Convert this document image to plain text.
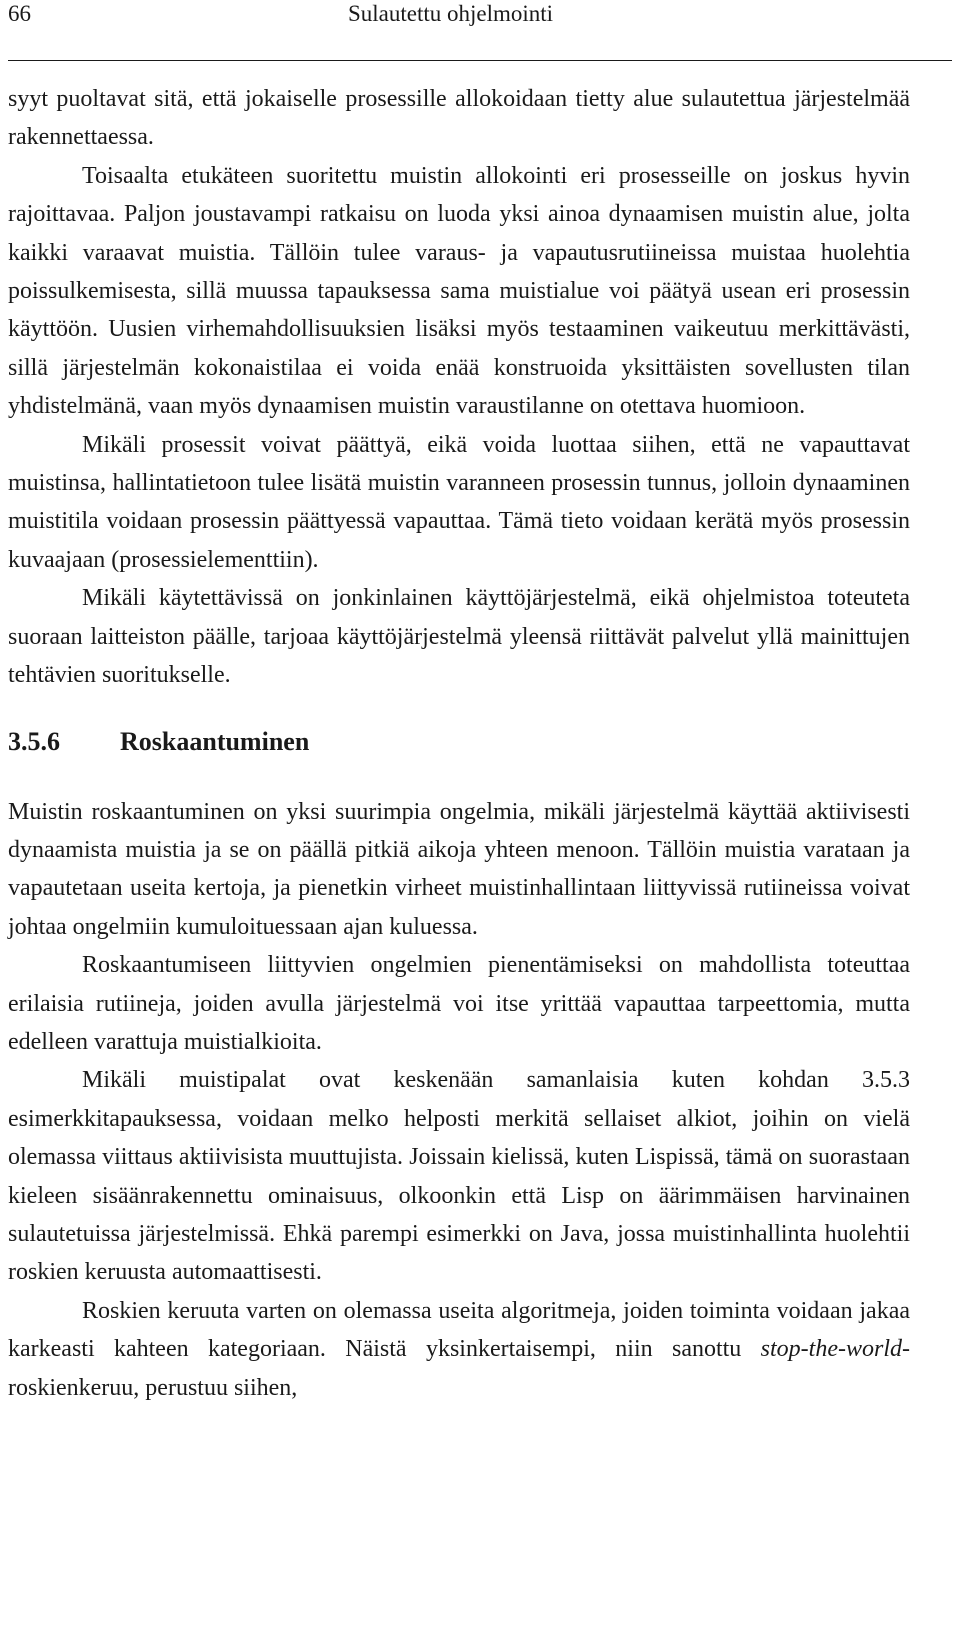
66	Sulautettu ohjelmointi

syyt puoltavat sitä, että jokaiselle prosessille allokoidaan tietty alue sulautettua järjestelmää rakennettaessa.

Toisaalta etukäteen suoritettu muistin allokointi eri prosesseille on joskus hyvin rajoittavaa. Paljon joustavampi ratkaisu on luoda yksi ainoa dynaamisen muistin alue, jolta kaikki varaavat muistia. Tällöin tulee varaus- ja vapautusrutiineissa muistaa huolehtia poissulkemisesta, sillä muussa tapauksessa sama muistialue voi päätyä usean eri prosessin käyttöön. Uusien virhemahdollisuuksien lisäksi myös testaaminen vaikeutuu merkittävästi, sillä järjestelmän kokonaistilaa ei voida enää konstruoida yksittäisten sovellusten tilan yhdistelmänä, vaan myös dynaamisen muistin varaustilanne on otettava huomioon.

Mikäli prosessit voivat päättyä, eikä voida luottaa siihen, että ne vapauttavat muistinsa, hallintatietoon tulee lisätä muistin varanneen prosessin tunnus, jolloin dynaaminen muistitila voidaan prosessin päättyessä vapauttaa. Tämä tieto voidaan kerätä myös prosessin kuvaajaan (prosessielementtiin).

Mikäli käytettävissä on jonkinlainen käyttöjärjestelmä, eikä ohjelmistoa toteuteta suoraan laitteiston päälle, tarjoaa käyttöjärjestelmä yleensä riittävät palvelut yllä mainittujen tehtävien suoritukselle.

3.5.6 Roskaantuminen

Muistin roskaantuminen on yksi suurimpia ongelmia, mikäli järjestelmä käyttää aktiivisesti dynaamista muistia ja se on päällä pitkiä aikoja yhteen menoon. Tällöin muistia varataan ja vapautetaan useita kertoja, ja pienetkin virheet muistinhallintaan liittyvissä rutiineissa voivat johtaa ongelmiin kumuloituessaan ajan kuluessa.

Roskaantumiseen liittyvien ongelmien pienentämiseksi on mahdollista toteuttaa erilaisia rutiineja, joiden avulla järjestelmä voi itse yrittää vapauttaa tarpeettomia, mutta edelleen varattuja muistialkioita.

Mikäli muistipalat ovat keskenään samanlaisia kuten kohdan 3.5.3 esimerkkitapauksessa, voidaan melko helposti merkitä sellaiset alkiot, joihin on vielä olemassa viittaus aktiivisista muuttujista. Joissain kielissä, kuten Lispissä, tämä on suorastaan kieleen sisäänrakennettu ominaisuus, olkoonkin että Lisp on äärimmäisen harvinainen sulautetuissa järjestelmissä. Ehkä parempi esimerkki on Java, jossa muistinhallinta huolehtii roskien keruusta automaattisesti.

Roskien keruuta varten on olemassa useita algoritmeja, joiden toiminta voidaan jakaa karkeasti kahteen kategoriaan. Näistä yksinkertaisempi, niin sanottu stop-the-world-roskienkeruu, perustuu siihen,
